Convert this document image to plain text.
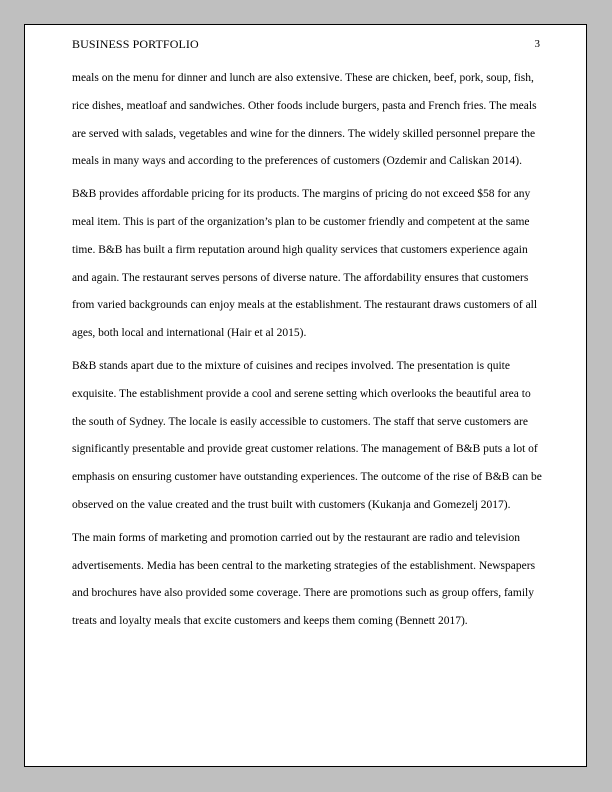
BUSINESS PORTFOLIO	3

meals on the menu for dinner and lunch are also extensive. These are chicken, beef, pork, soup, fish, rice dishes, meatloaf and sandwiches. Other foods include burgers, pasta and French fries. The meals are served with salads, vegetables and wine for the dinners. The widely skilled personnel prepare the meals in many ways and according to the preferences of customers (Ozdemir and Caliskan 2014).

B&B provides affordable pricing for its products. The margins of pricing do not exceed $58 for any meal item. This is part of the organization’s plan to be customer friendly and competent at the same time. B&B has built a firm reputation around high quality services that customers experience again and again. The restaurant serves persons of diverse nature. The affordability ensures that customers from varied backgrounds can enjoy meals at the establishment. The restaurant draws customers of all ages, both local and international (Hair et al 2015).

B&B stands apart due to the mixture of cuisines and recipes involved. The presentation is quite exquisite. The establishment provide a cool and serene setting which overlooks the beautiful area to the south of Sydney. The locale is easily accessible to customers. The staff that serve customers are significantly presentable and provide great customer relations. The management of B&B puts a lot of emphasis on ensuring customer have outstanding experiences. The outcome of the rise of B&B can be observed on the value created and the trust built with customers (Kukanja and Gomezelj 2017).

The main forms of marketing and promotion carried out by the restaurant are radio and television advertisements. Media has been central to the marketing strategies of the establishment. Newspapers and brochures have also provided some coverage. There are promotions such as group offers, family treats and loyalty meals that excite customers and keeps them coming (Bennett 2017).
